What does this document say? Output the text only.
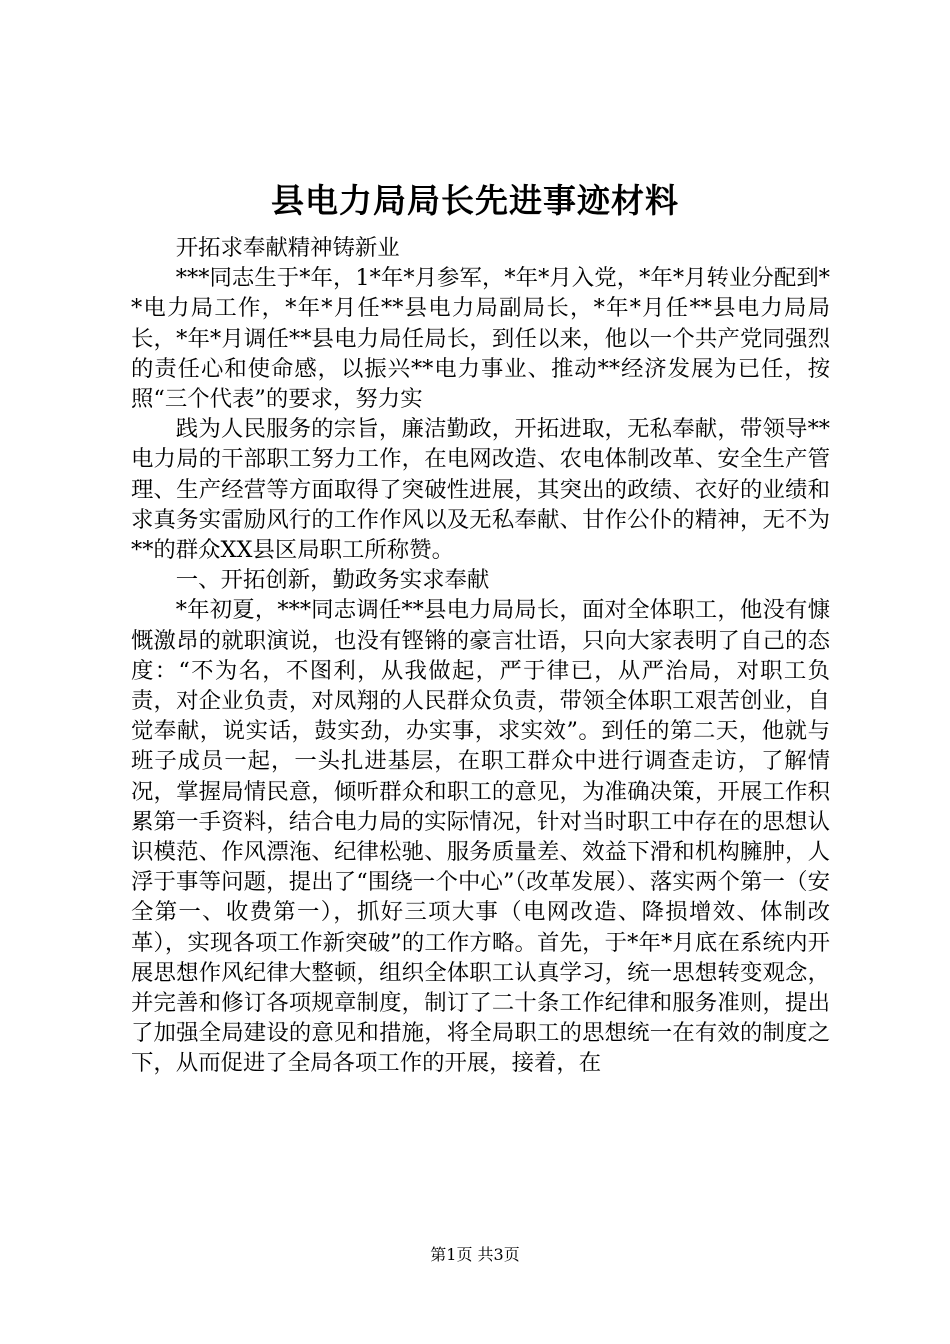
县电力局局长先进事迹材料

开拓求奉献精神铸新业

***同志生于*年，1*年*月参军，*年*月入党，*年*月转业分配到**电力局工作，*年*月任**县电力局副局长，*年*月任**县电力局局长，*年*月调任**县电力局任局长，到任以来，他以一个共产党同强烈的责任心和使命感，以振兴**电力事业、推动**经济发展为已任，按照“三个代表”的要求，努力实

践为人民服务的宗旨，廉洁勤政，开拓进取，无私奉献，带领导**电力局的干部职工努力工作，在电网改造、农电体制改革、安全生产管理、生产经营等方面取得了突破性进展，其突出的政绩、衣好的业绩和求真务实雷励风行的工作作风以及无私奉献、甘作公仆的精神，无不为**的群众XX县区局职工所称赞。

一、开拓创新，勤政务实求奉献

*年初夏，***同志调任**县电力局局长，面对全体职工，他没有慷慨激昂的就职演说，也没有铿锵的豪言壮语，只向大家表明了自己的态度：“不为名，不图利，从我做起，严于律已，从严治局，对职工负责，对企业负责，对凤翔的人民群众负责，带领全体职工艰苦创业，自觉奉献，说实话，鼓实劲，办实事，求实效”。到任的第二天，他就与班子成员一起，一头扎进基层，在职工群众中进行调查走访，了解情况，掌握局情民意，倾听群众和职工的意见，为准确决策，开展工作积累第一手资料，结合电力局的实际情况，针对当时职工中存在的思想认识模范、作风漂沲、纪律松驰、服务质量差、效益下滑和机构臃肿，人浮于事等问题，提出了“围绕一个中心”（改革发展）、落实两个第一（安全第一、收费第一），抓好三项大事（电网改造、降损增效、体制改革），实现各项工作新突破”的工作方略。首先，于*年*月底在系统内开展思想作风纪律大整顿，组织全体职工认真学习，统一思想转变观念，并完善和修订各项规章制度，制订了二十条工作纪律和服务准则，提出了加强全局建设的意见和措施，将全局职工的思想统一在有效的制度之下，从而促进了全局各项工作的开展，接着，在

第1页 共3页
